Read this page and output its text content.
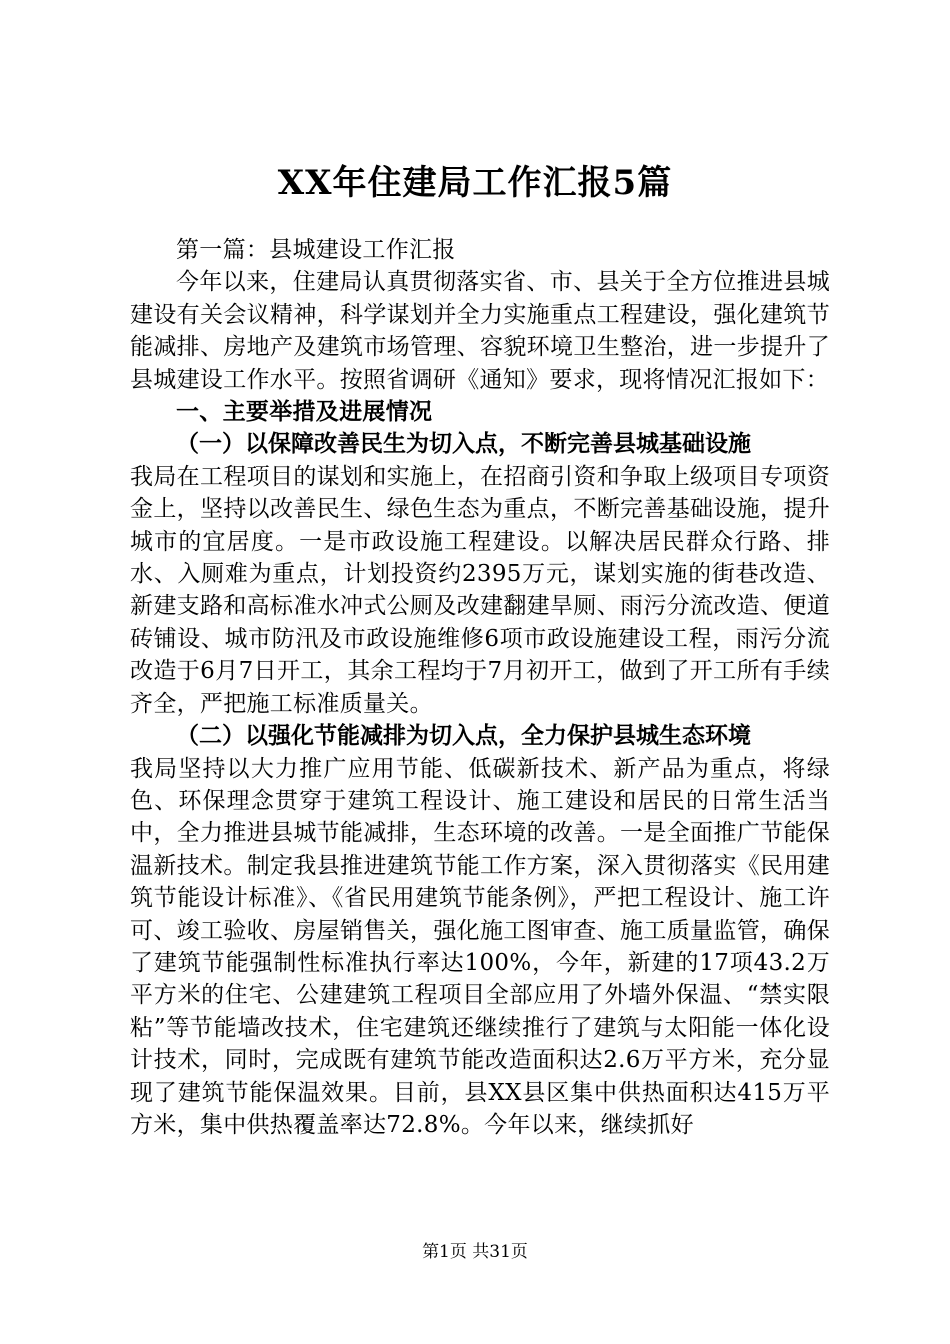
XX年住建局工作汇报5篇
第一篇：县城建设工作汇报
今年以来，住建局认真贯彻落实省、市、县关于全方位推进县城建设有关会议精神，科学谋划并全力实施重点工程建设，强化建筑节能减排、房地产及建筑市场管理、容貌环境卫生整治，进一步提升了县城建设工作水平。按照省调研《通知》要求，现将情况汇报如下：
一、主要举措及进展情况
（一）以保障改善民生为切入点，不断完善县城基础设施
我局在工程项目的谋划和实施上，在招商引资和争取上级项目专项资金上，坚持以改善民生、绿色生态为重点，不断完善基础设施，提升城市的宜居度。一是市政设施工程建设。以解决居民群众行路、排水、入厕难为重点，计划投资约2395万元，谋划实施的街巷改造、新建支路和高标准水冲式公厕及改建翻建旱厕、雨污分流改造、便道砖铺设、城市防汛及市政设施维修6项市政设施建设工程，雨污分流改造于6月7日开工，其余工程均于7月初开工，做到了开工所有手续齐全，严把施工标准质量关。
（二）以强化节能减排为切入点，全力保护县城生态环境
我局坚持以大力推广应用节能、低碳新技术、新产品为重点，将绿色、环保理念贯穿于建筑工程设计、施工建设和居民的日常生活当中，全力推进县城节能减排，生态环境的改善。一是全面推广节能保温新技术。制定我县推进建筑节能工作方案，深入贯彻落实《民用建筑节能设计标准》、《省民用建筑节能条例》，严把工程设计、施工许可、竣工验收、房屋销售关，强化施工图审查、施工质量监管，确保了建筑节能强制性标准执行率达100%，今年，新建的17项43.2万平方米的住宅、公建建筑工程项目全部应用了外墙外保温、“禁实限粘”等节能墙改技术，住宅建筑还继续推行了建筑与太阳能一体化设计技术，同时，完成既有建筑节能改造面积达2.6万平方米，充分显现了建筑节能保温效果。目前，县XX县区集中供热面积达415万平方米，集中供热覆盖率达72.8%。今年以来，继续抓好
第1页 共31页
